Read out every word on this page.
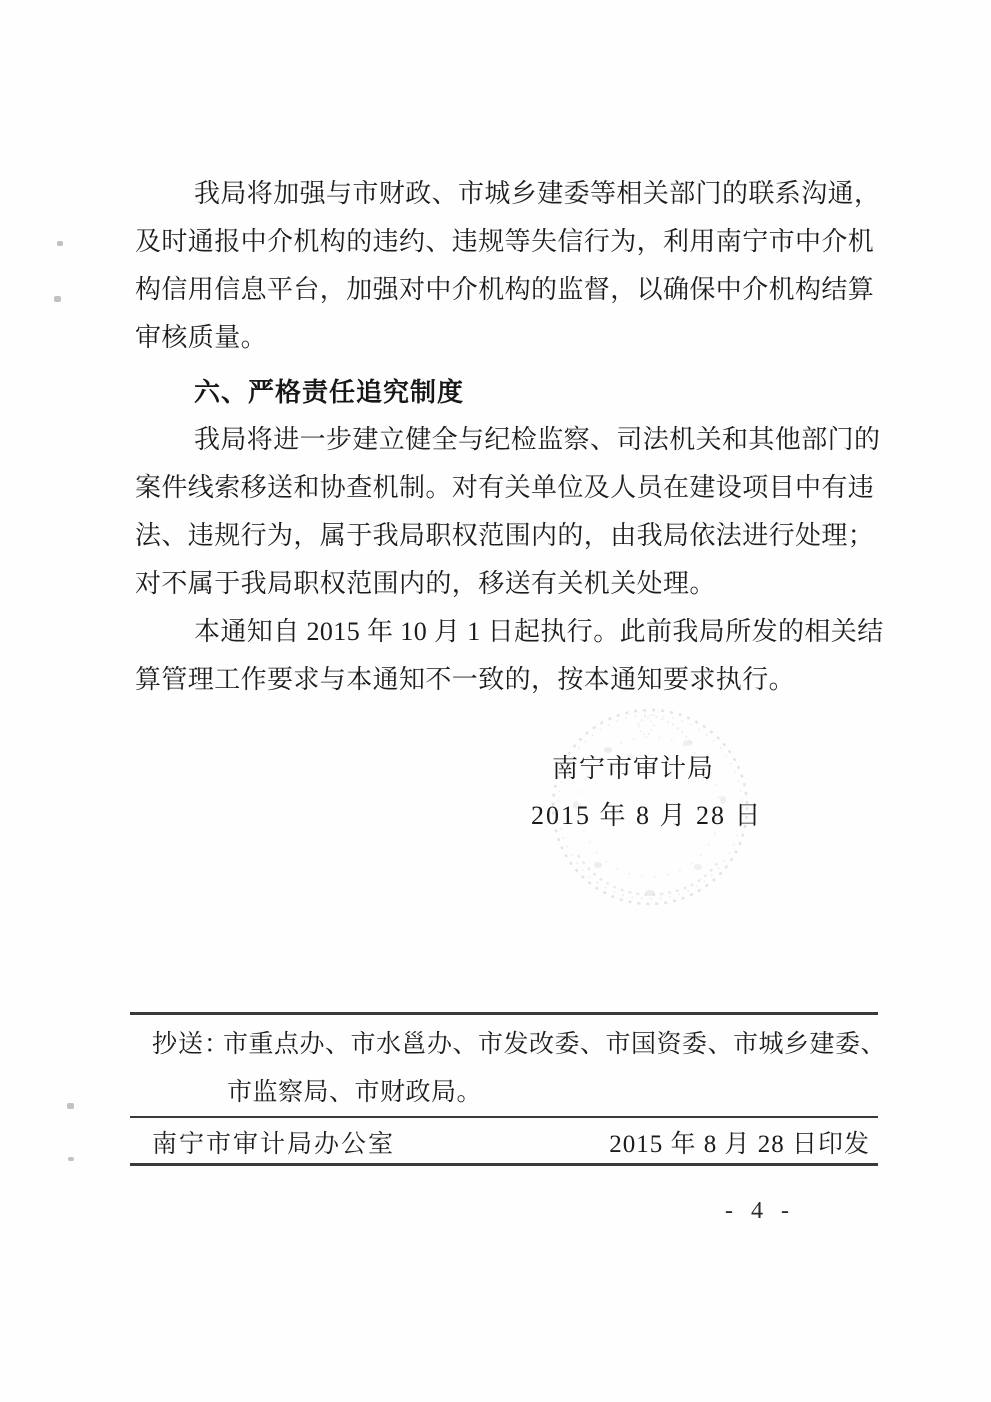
我局将加强与市财政、市城乡建委等相关部门的联系沟通，
及时通报中介机构的违约、违规等失信行为，利用南宁市中介机
构信用信息平台，加强对中介机构的监督，以确保中介机构结算
审核质量。
六、严格责任追究制度
我局将进一步建立健全与纪检监察、司法机关和其他部门的
案件线索移送和协查机制。对有关单位及人员在建设项目中有违
法、违规行为，属于我局职权范围内的，由我局依法进行处理；
对不属于我局职权范围内的，移送有关机关处理。
本通知自 2015 年 10 月 1 日起执行。此前我局所发的相关结
算管理工作要求与本通知不一致的，按本通知要求执行。
南宁市审计局
2015 年 8 月 28 日
抄送：
市重点办、市水邕办、市发改委、市国资委、市城乡建委、
市监察局、市财政局。
南宁市审计局办公室	2015 年 8 月 28 日印发
- 4 -
